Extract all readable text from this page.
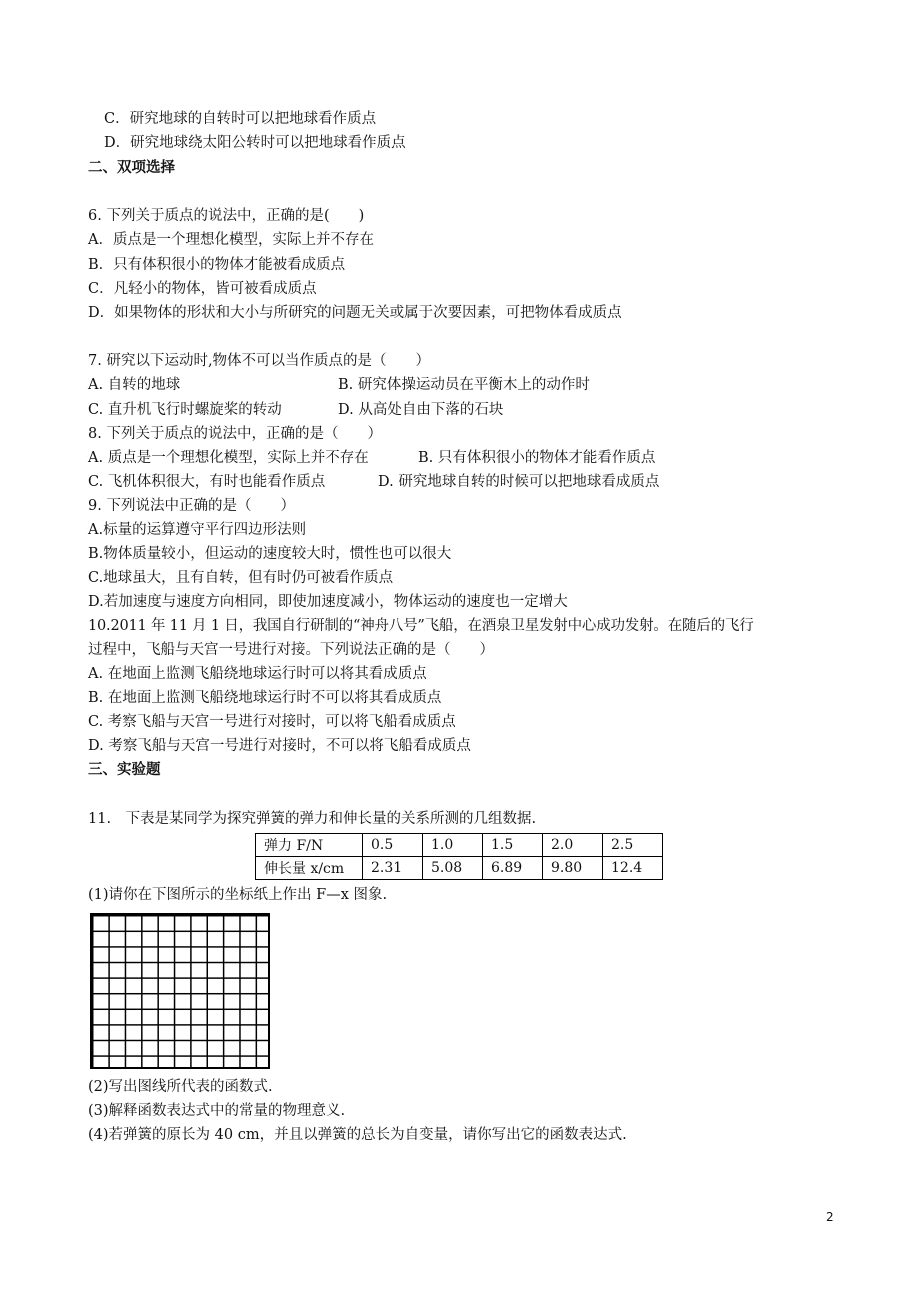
C．研究地球的自转时可以把地球看作质点
D．研究地球绕太阳公转时可以把地球看作质点
二、双项选择
6. 下列关于质点的说法中，正确的是(　　)
A．质点是一个理想化模型，实际上并不存在
B．只有体积很小的物体才能被看成质点
C．凡轻小的物体，皆可被看成质点
D．如果物体的形状和大小与所研究的问题无关或属于次要因素，可把物体看成质点
7. 研究以下运动时,物体不可以当作质点的是（　　）
A. 自转的地球	B. 研究体操运动员在平衡木上的动作时
C. 直升机飞行时螺旋桨的转动	D. 从高处自由下落的石块
8. 下列关于质点的说法中，正确的是（　　）
A. 质点是一个理想化模型，实际上并不存在	B. 只有体积很小的物体才能看作质点
C. 飞机体积很大，有时也能看作质点	D. 研究地球自转的时候可以把地球看成质点
9. 下列说法中正确的是（　　）
A.标量的运算遵守平行四边形法则
B.物体质量较小，但运动的速度较大时，惯性也可以很大
C.地球虽大，且有自转，但有时仍可被看作质点
D.若加速度与速度方向相同，即使加速度减小，物体运动的速度也一定增大
10.2011 年 11 月 1 日，我国自行研制的“神舟八号”飞船，在酒泉卫星发射中心成功发射。在随后的飞行
过程中，飞船与天宫一号进行对接。下列说法正确的是（　　）
A. 在地面上监测飞船绕地球运行时可以将其看成质点
B. 在地面上监测飞船绕地球运行时不可以将其看成质点
C. 考察飞船与天宫一号进行对接时，可以将飞船看成质点
D. 考察飞船与天宫一号进行对接时，不可以将飞船看成质点
三、实验题
11.　下表是某同学为探究弹簧的弹力和伸长量的关系所测的几组数据.
弹力 F/N	0.5	1.0	1.5	2.0	2.5
伸长量 x/cm	2.31	5.08	6.89	9.80	12.4
(1)请你在下图所示的坐标纸上作出 F—x 图象.
(2)写出图线所代表的函数式.
(3)解释函数表达式中的常量的物理意义.
(4)若弹簧的原长为 40 cm，并且以弹簧的总长为自变量，请你写出它的函数表达式.
2
